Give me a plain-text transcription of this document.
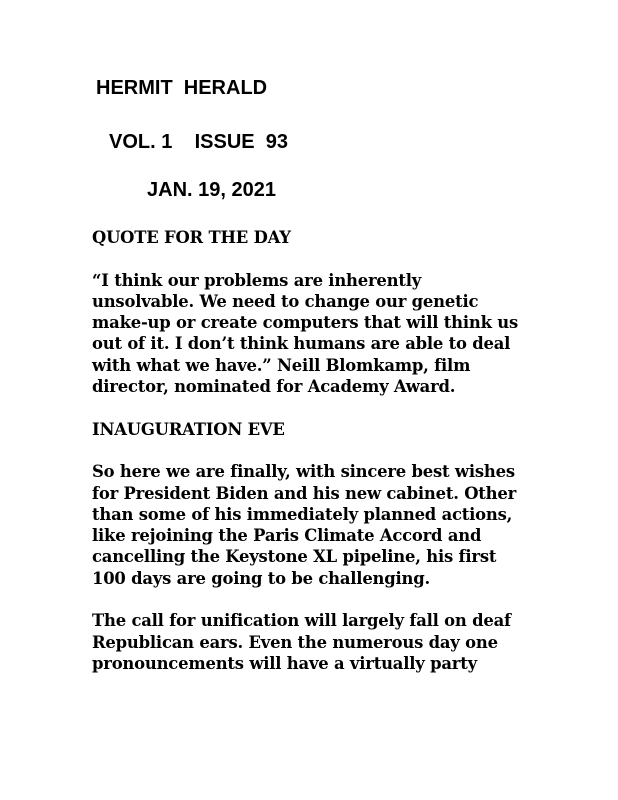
HERMIT  HERALD
VOL. 1    ISSUE  93
JAN. 19, 2021
QUOTE FOR THE DAY

“I think our problems are inherently
unsolvable. We need to change our genetic
make-up or create computers that will think us
out of it. I don’t think humans are able to deal
with what we have.” Neill Blomkamp, film
director, nominated for Academy Award.

INAUGURATION EVE

So here we are finally, with sincere best wishes
for President Biden and his new cabinet. Other
than some of his immediately planned actions,
like rejoining the Paris Climate Accord and
cancelling the Keystone XL pipeline, his first
100 days are going to be challenging.

The call for unification will largely fall on deaf
Republican ears. Even the numerous day one
pronouncements will have a virtually party
